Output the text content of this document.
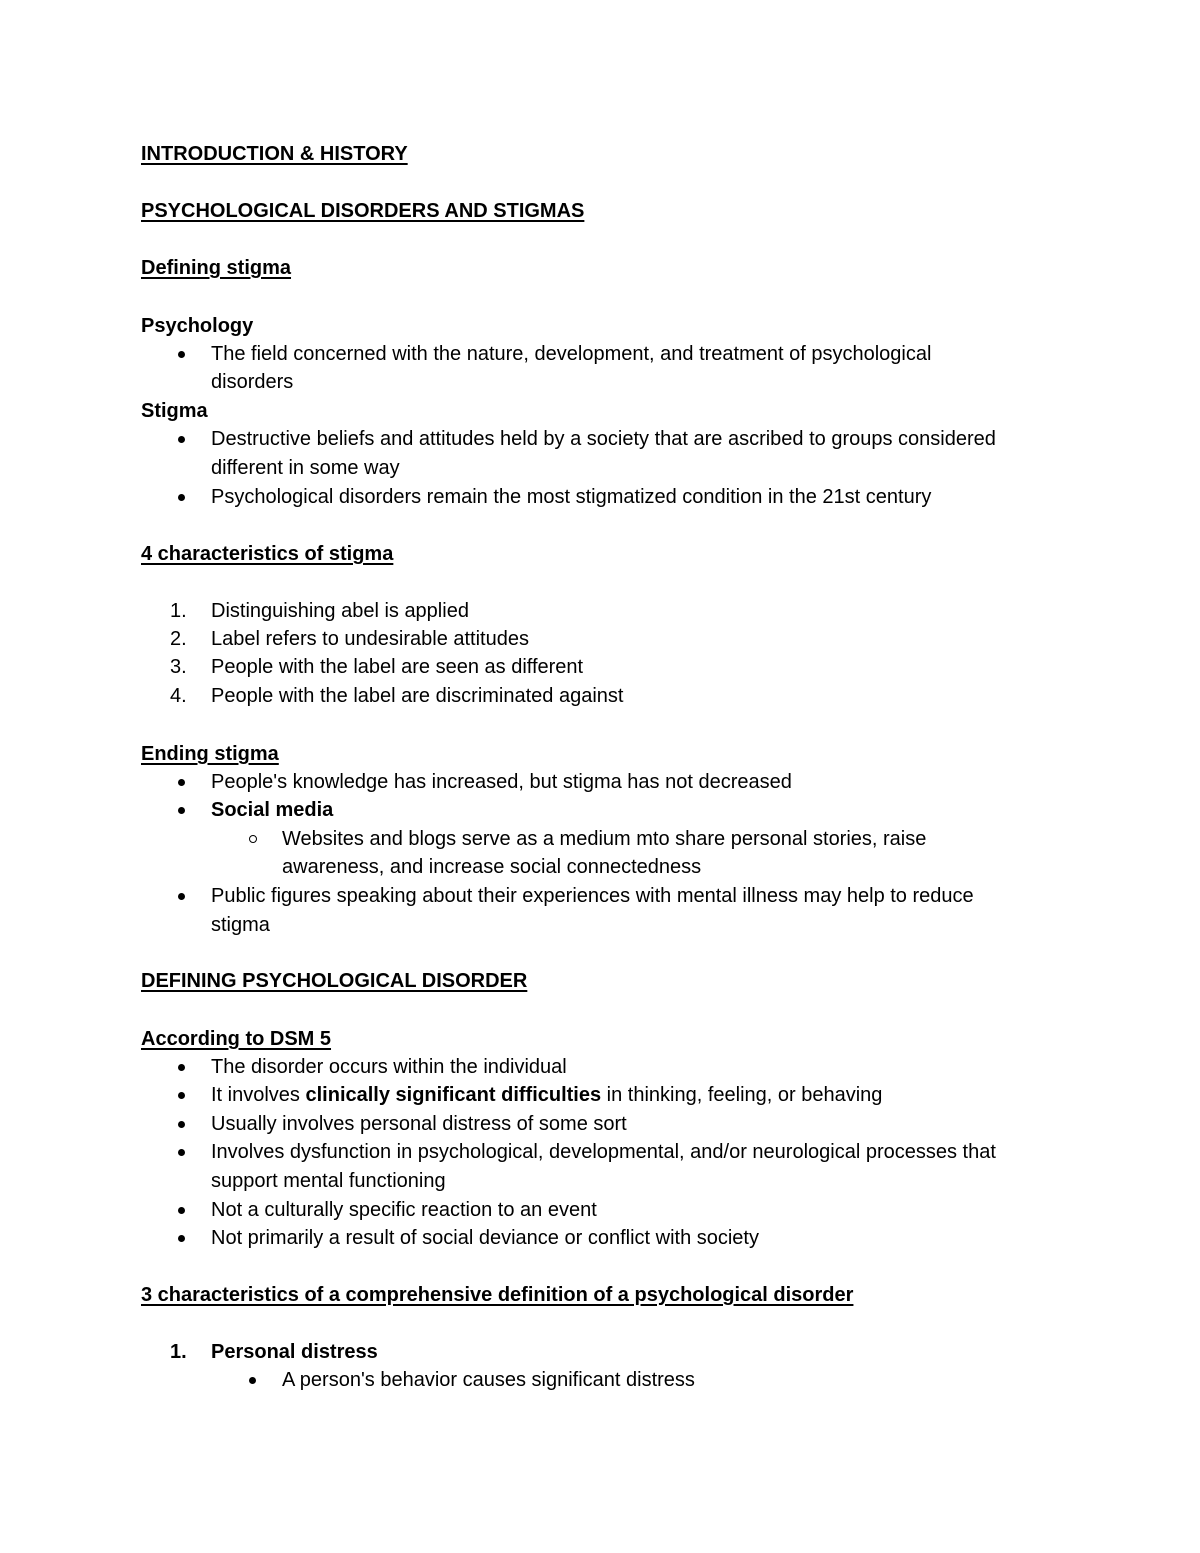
INTRODUCTION & HISTORY
PSYCHOLOGICAL DISORDERS AND STIGMAS
Defining stigma
Psychology
The field concerned with the nature, development, and treatment of psychological
disorders
Stigma
Destructive beliefs and attitudes held by a society that are ascribed to groups considered
different in some way
Psychological disorders remain the most stigmatized condition in the 21st century
4 characteristics of stigma
1.	Distinguishing abel is applied
2.	Label refers to undesirable attitudes
3.	People with the label are seen as different
4.	People with the label are discriminated against
Ending stigma
People's knowledge has increased, but stigma has not decreased
Social media
Websites and blogs serve as a medium mto share personal stories, raise
awareness, and increase social connectedness
Public figures speaking about their experiences with mental illness may help to reduce
stigma
DEFINING PSYCHOLOGICAL DISORDER
According to DSM 5
The disorder occurs within the individual
It involves clinically significant difficulties in thinking, feeling, or behaving
Usually involves personal distress of some sort
Involves dysfunction in psychological, developmental, and/or neurological processes that
support mental functioning
Not a culturally specific reaction to an event
Not primarily a result of social deviance or conflict with society
3 characteristics of a comprehensive definition of a psychological disorder
1.	Personal distress
A person's behavior causes significant distress
